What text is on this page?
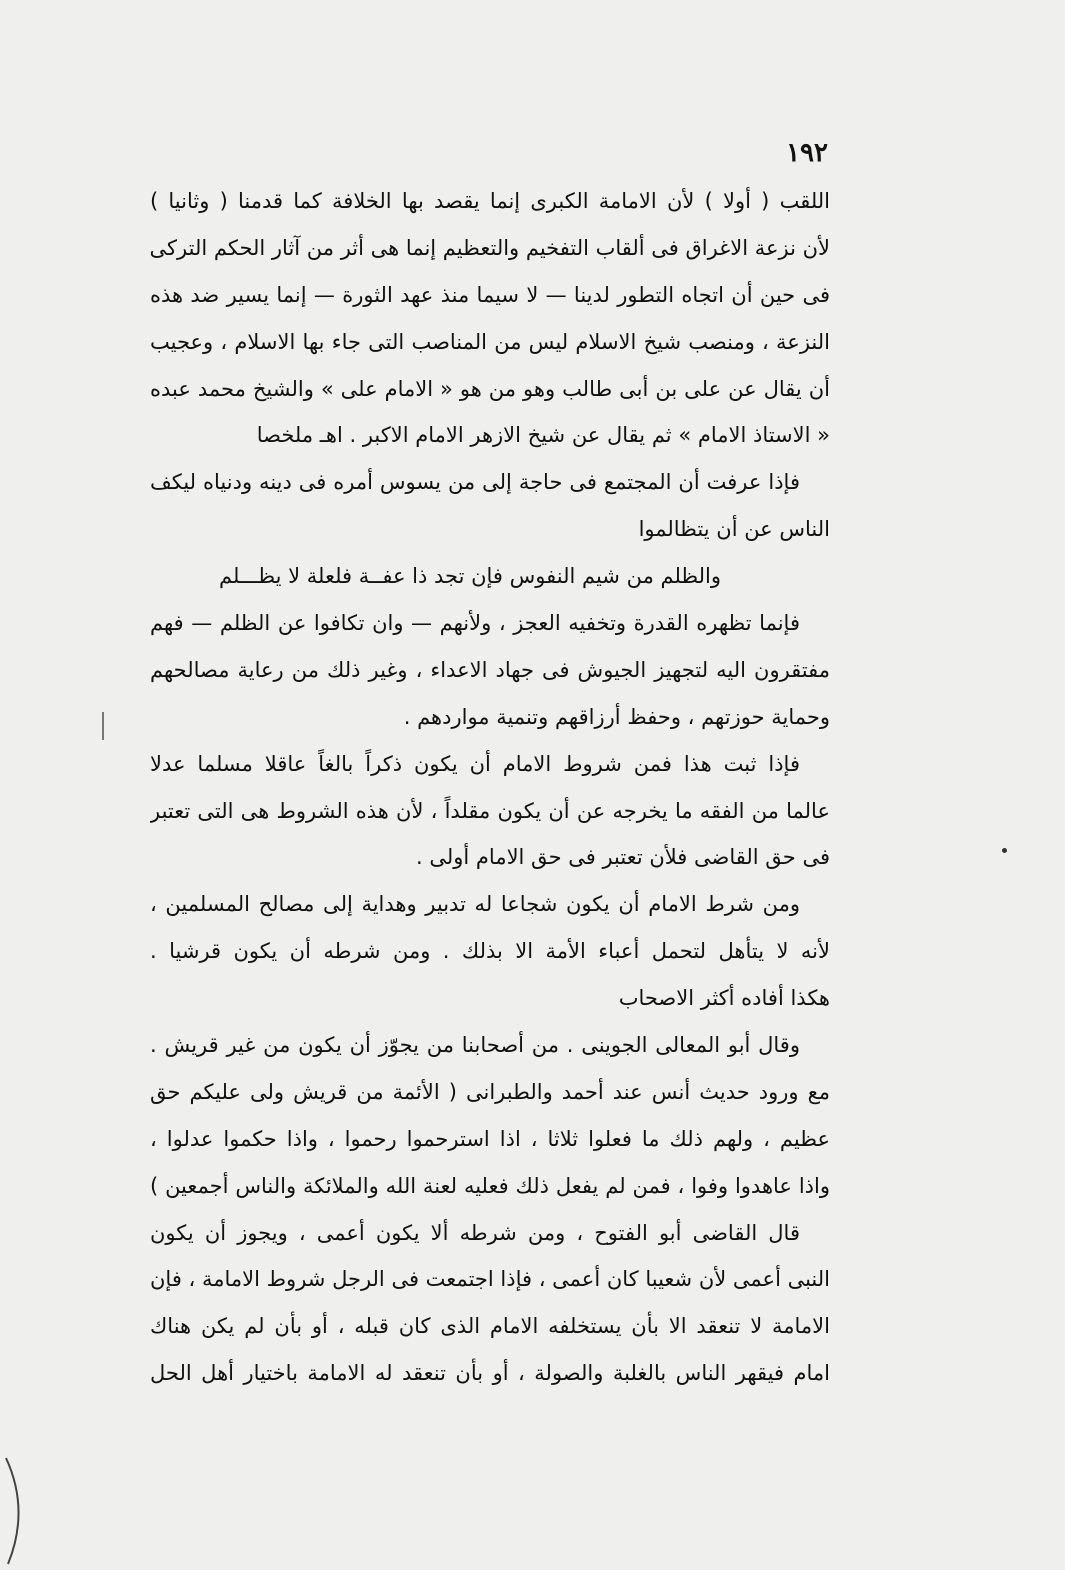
١٩٢
اللقب ( أولا ) لأن الامامة الكبرى إنما يقصد بها الخلافة كما قدمنا ( وثانيا )
لأن نزعة الاغراق فى ألقاب التفخيم والتعظيم إنما هى أثر من آثار الحكم التركى
فى حين أن اتجاه التطور لدينا — لا سيما منذ عهد الثورة — إنما يسير ضد هذه
النزعة ، ومنصب شيخ الاسلام ليس من المناصب التى جاء بها الاسلام ، وعجيب
أن يقال عن على بن أبى طالب وهو من هو « الامام على » والشيخ محمد عبده
« الاستاذ الامام » ثم يقال عن شيخ الازهر الامام الاكبر . اهـ ملخصا
فإذا عرفت أن المجتمع فى حاجة إلى من يسوس أمره فى دينه ودنياه ليكف
الناس عن أن يتظالموا
والظلم من شيم النفوس فإن تجد ذا عفــة فلعلة لا يظـــلم
فإنما تظهره القدرة وتخفيه العجز ، ولأنهم — وان تكافوا عن الظلم — فهم
مفتقرون اليه لتجهيز الجيوش فى جهاد الاعداء ، وغير ذلك من رعاية مصالحهم
وحماية حوزتهم ، وحفظ أرزاقهم وتنمية مواردهم .
فإذا ثبت هذا فمن شروط الامام أن يكون ذكراً بالغاً عاقلا مسلما عدلا
عالما من الفقه ما يخرجه عن أن يكون مقلداً ، لأن هذه الشروط هى التى تعتبر
فى حق القاضى فلأن تعتبر فى حق الامام أولى .
ومن شرط الامام أن يكون شجاعا له تدبير وهداية إلى مصالح المسلمين ،
لأنه لا يتأهل لتحمل أعباء الأمة الا بذلك . ومن شرطه أن يكون قرشيا .
هكذا أفاده أكثر الاصحاب
وقال أبو المعالى الجوينى . من أصحابنا من يجوّز أن يكون من غير قريش .
مع ورود حديث أنس عند أحمد والطبرانى ( الأئمة من قريش ولى عليكم حق
عظيم ، ولهم ذلك ما فعلوا ثلاثا ، اذا استرحموا رحموا ، واذا حكموا عدلوا ،
واذا عاهدوا وفوا ، فمن لم يفعل ذلك فعليه لعنة الله والملائكة والناس أجمعين )
قال القاضى أبو الفتوح ، ومن شرطه ألا يكون أعمى ، ويجوز أن يكون
النبى أعمى لأن شعيبا كان أعمى ، فإذا اجتمعت فى الرجل شروط الامامة ، فإن
الامامة لا تنعقد الا بأن يستخلفه الامام الذى كان قبله ، أو بأن لم يكن هناك
امام فيقهر الناس بالغلبة والصولة ، أو بأن تنعقد له الامامة باختيار أهل الحل
